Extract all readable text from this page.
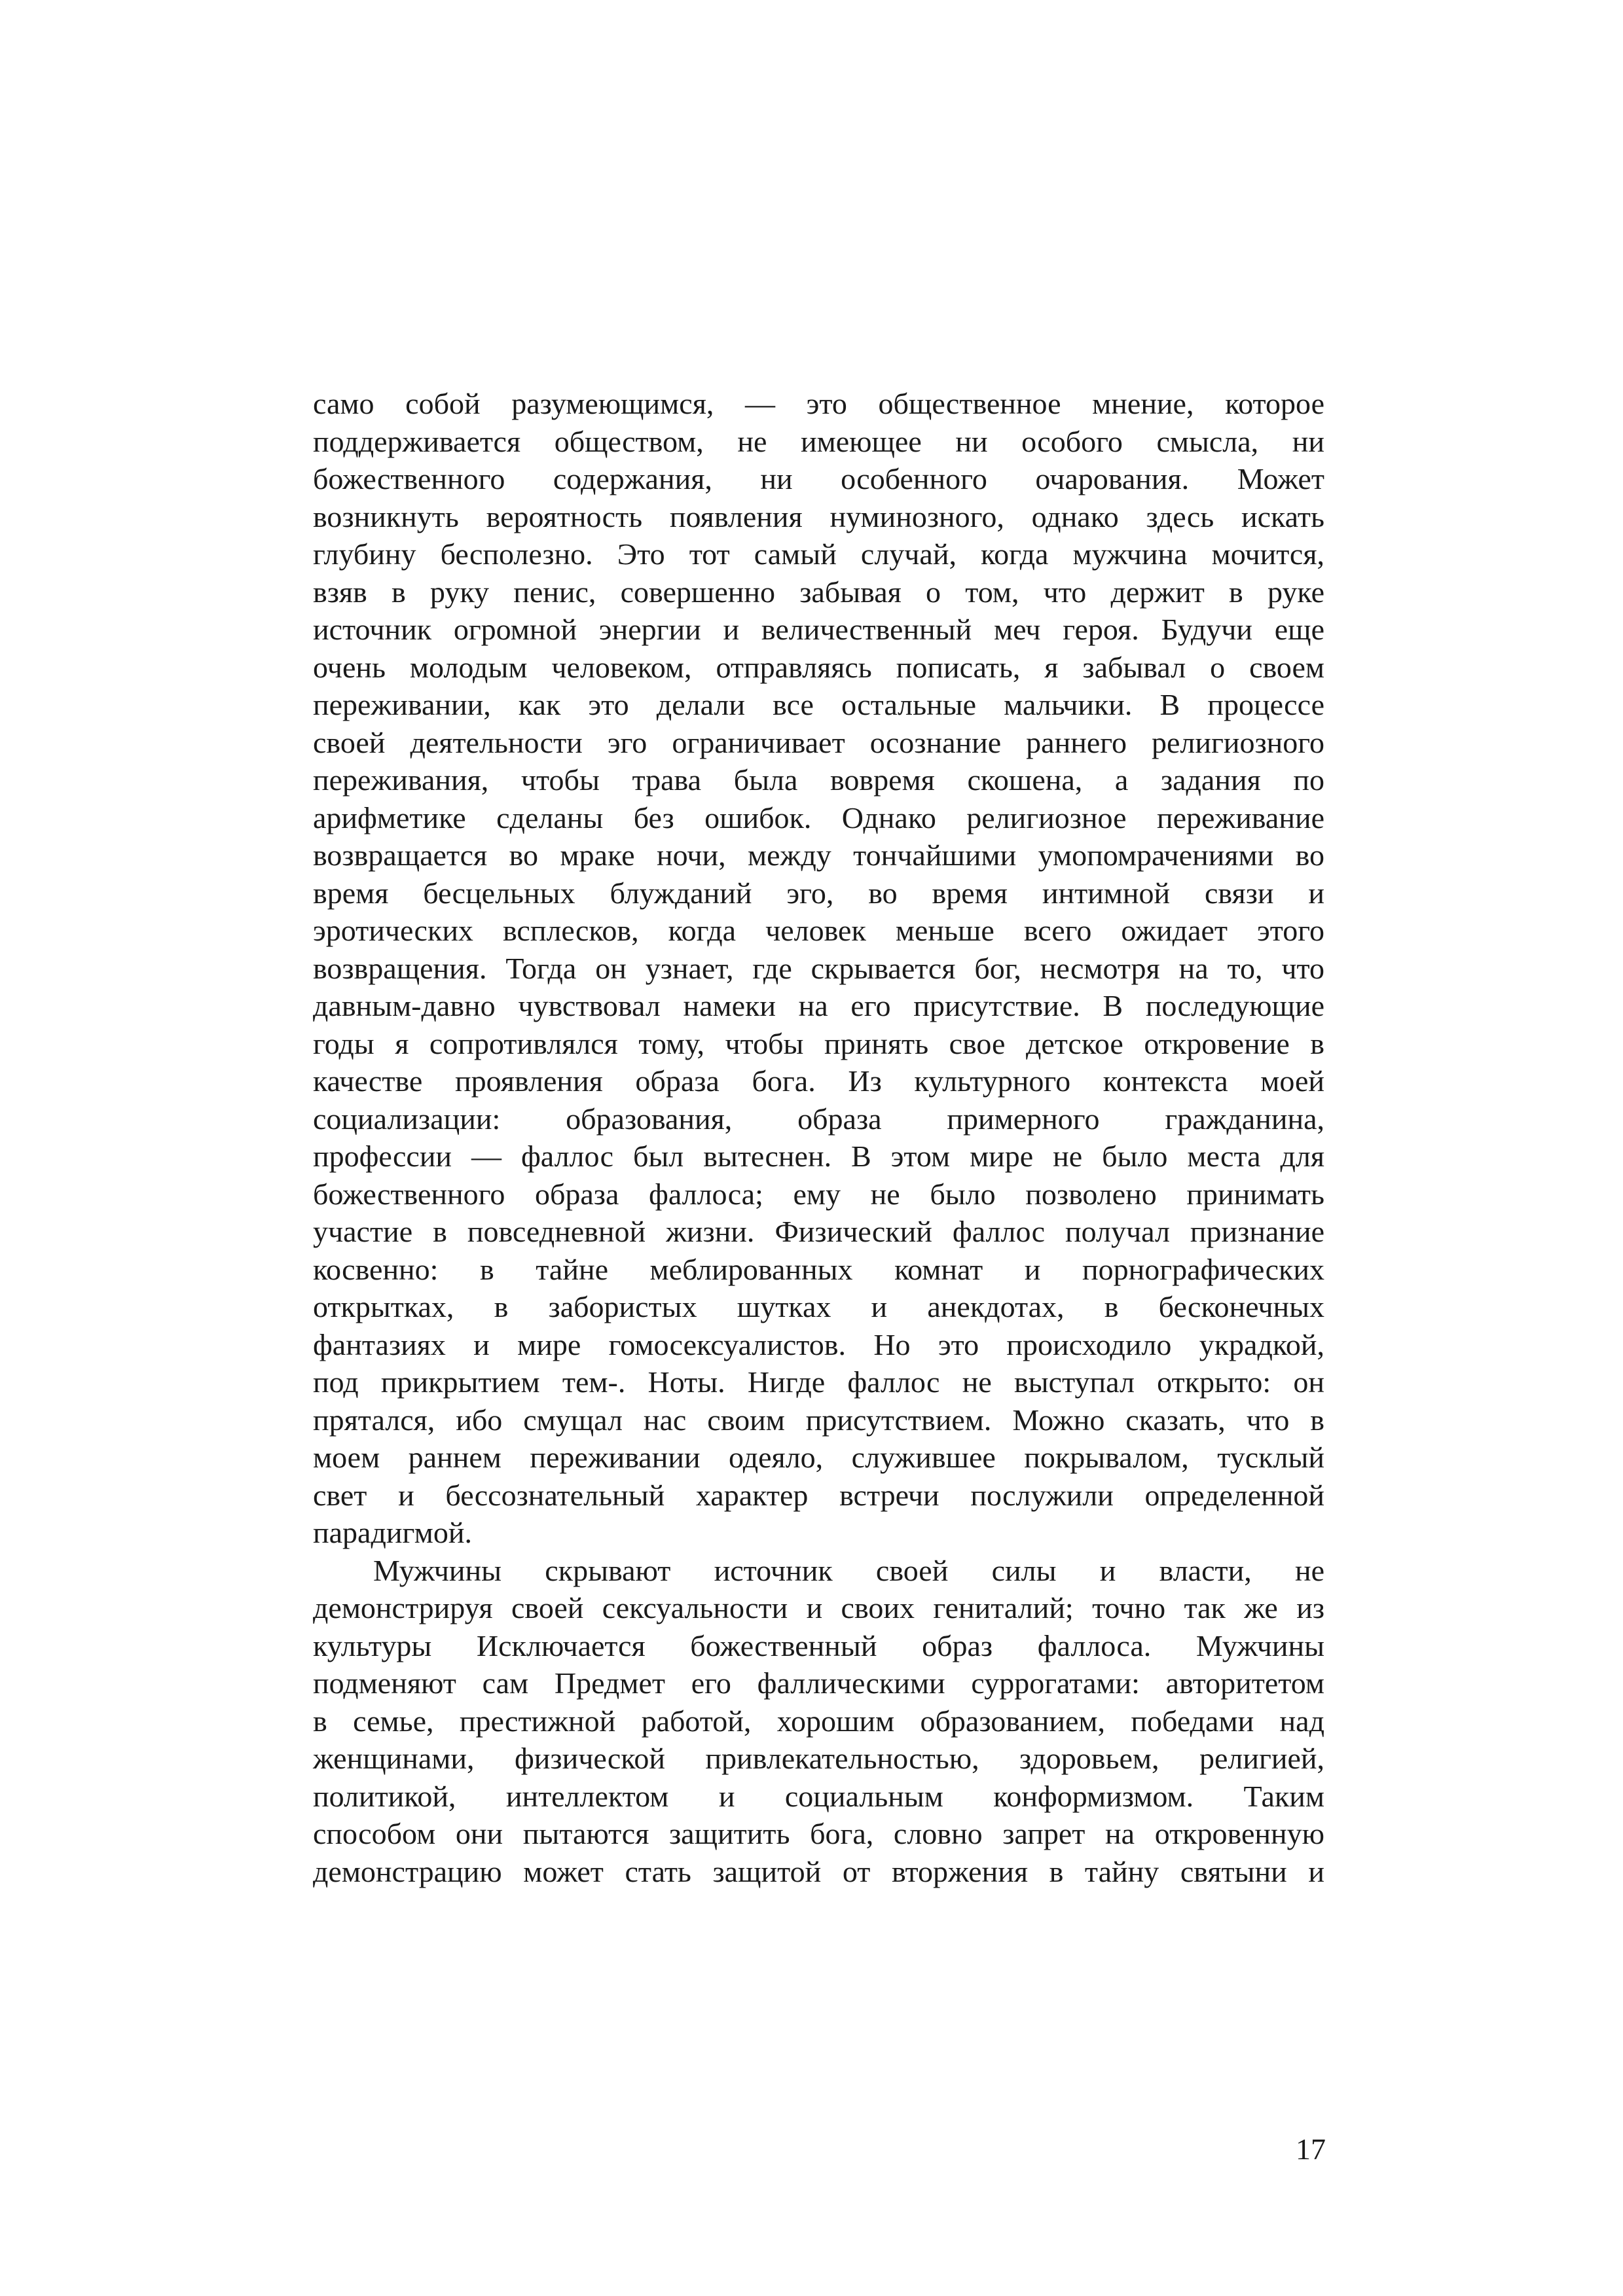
само собой разумеющимся, — это общественное мнение, которое
поддерживается обществом, не имеющее ни особого смысла, ни
божественного содержания, ни особенного очарования. Может
возникнуть вероятность появления нуминозного, однако здесь искать
глубину бесполезно. Это тот самый случай, когда мужчина мочится,
взяв в руку пенис, совершенно забывая о том, что держит в руке
источник огромной энергии и величественный меч героя. Будучи еще
очень молодым человеком, отправляясь пописать, я забывал о своем
переживании, как это делали все остальные мальчики. В процессе
своей деятельности эго ограничивает осознание раннего религиозного
переживания, чтобы трава была вовремя скошена, а задания по
арифметике сделаны без ошибок. Однако религиозное переживание
возвращается во мраке ночи, между тончайшими умопомрачениями во
время бесцельных блужданий эго, во время интимной связи и
эротических всплесков, когда человек меньше всего ожидает этого
возвращения. Тогда он узнает, где скрывается бог, несмотря на то, что
давным-давно чувствовал намеки на его присутствие. В последующие
годы я сопротивлялся тому, чтобы принять свое детское откровение в
качестве проявления образа бога. Из культурного контекста моей
социализации: образования, образа примерного гражданина,
профессии — фаллос был вытеснен. В этом мире не было места для
божественного образа фаллоса; ему не было позволено принимать
участие в повседневной жизни. Физический фаллос получал признание
косвенно: в тайне меблированных комнат и порнографических
открытках, в забористых шутках и анекдотах, в бесконечных
фантазиях и мире гомосексуалистов. Но это происходило украдкой,
под прикрытием тем-. Ноты. Нигде фаллос не выступал открыто: он
прятался, ибо смущал нас своим присутствием. Можно сказать, что в
моем раннем переживании одеяло, служившее покрывалом, тусклый
свет и бессознательный характер встречи послужили определенной
парадигмой.
Мужчины скрывают источник своей силы и власти, не
демонстрируя своей сексуальности и своих гениталий; точно так же из
культуры Исключается божественный образ фаллоса. Мужчины
подменяют сам Предмет его фаллическими суррогатами: авторитетом
в семье, престижной работой, хорошим образованием, победами над
женщинами, физической привлекательностью, здоровьем, религией,
политикой, интеллектом и социальным конформизмом. Таким
способом они пытаются защитить бога, словно запрет на откровенную
демонстрацию может стать защитой от вторжения в тайну святыни и
17
